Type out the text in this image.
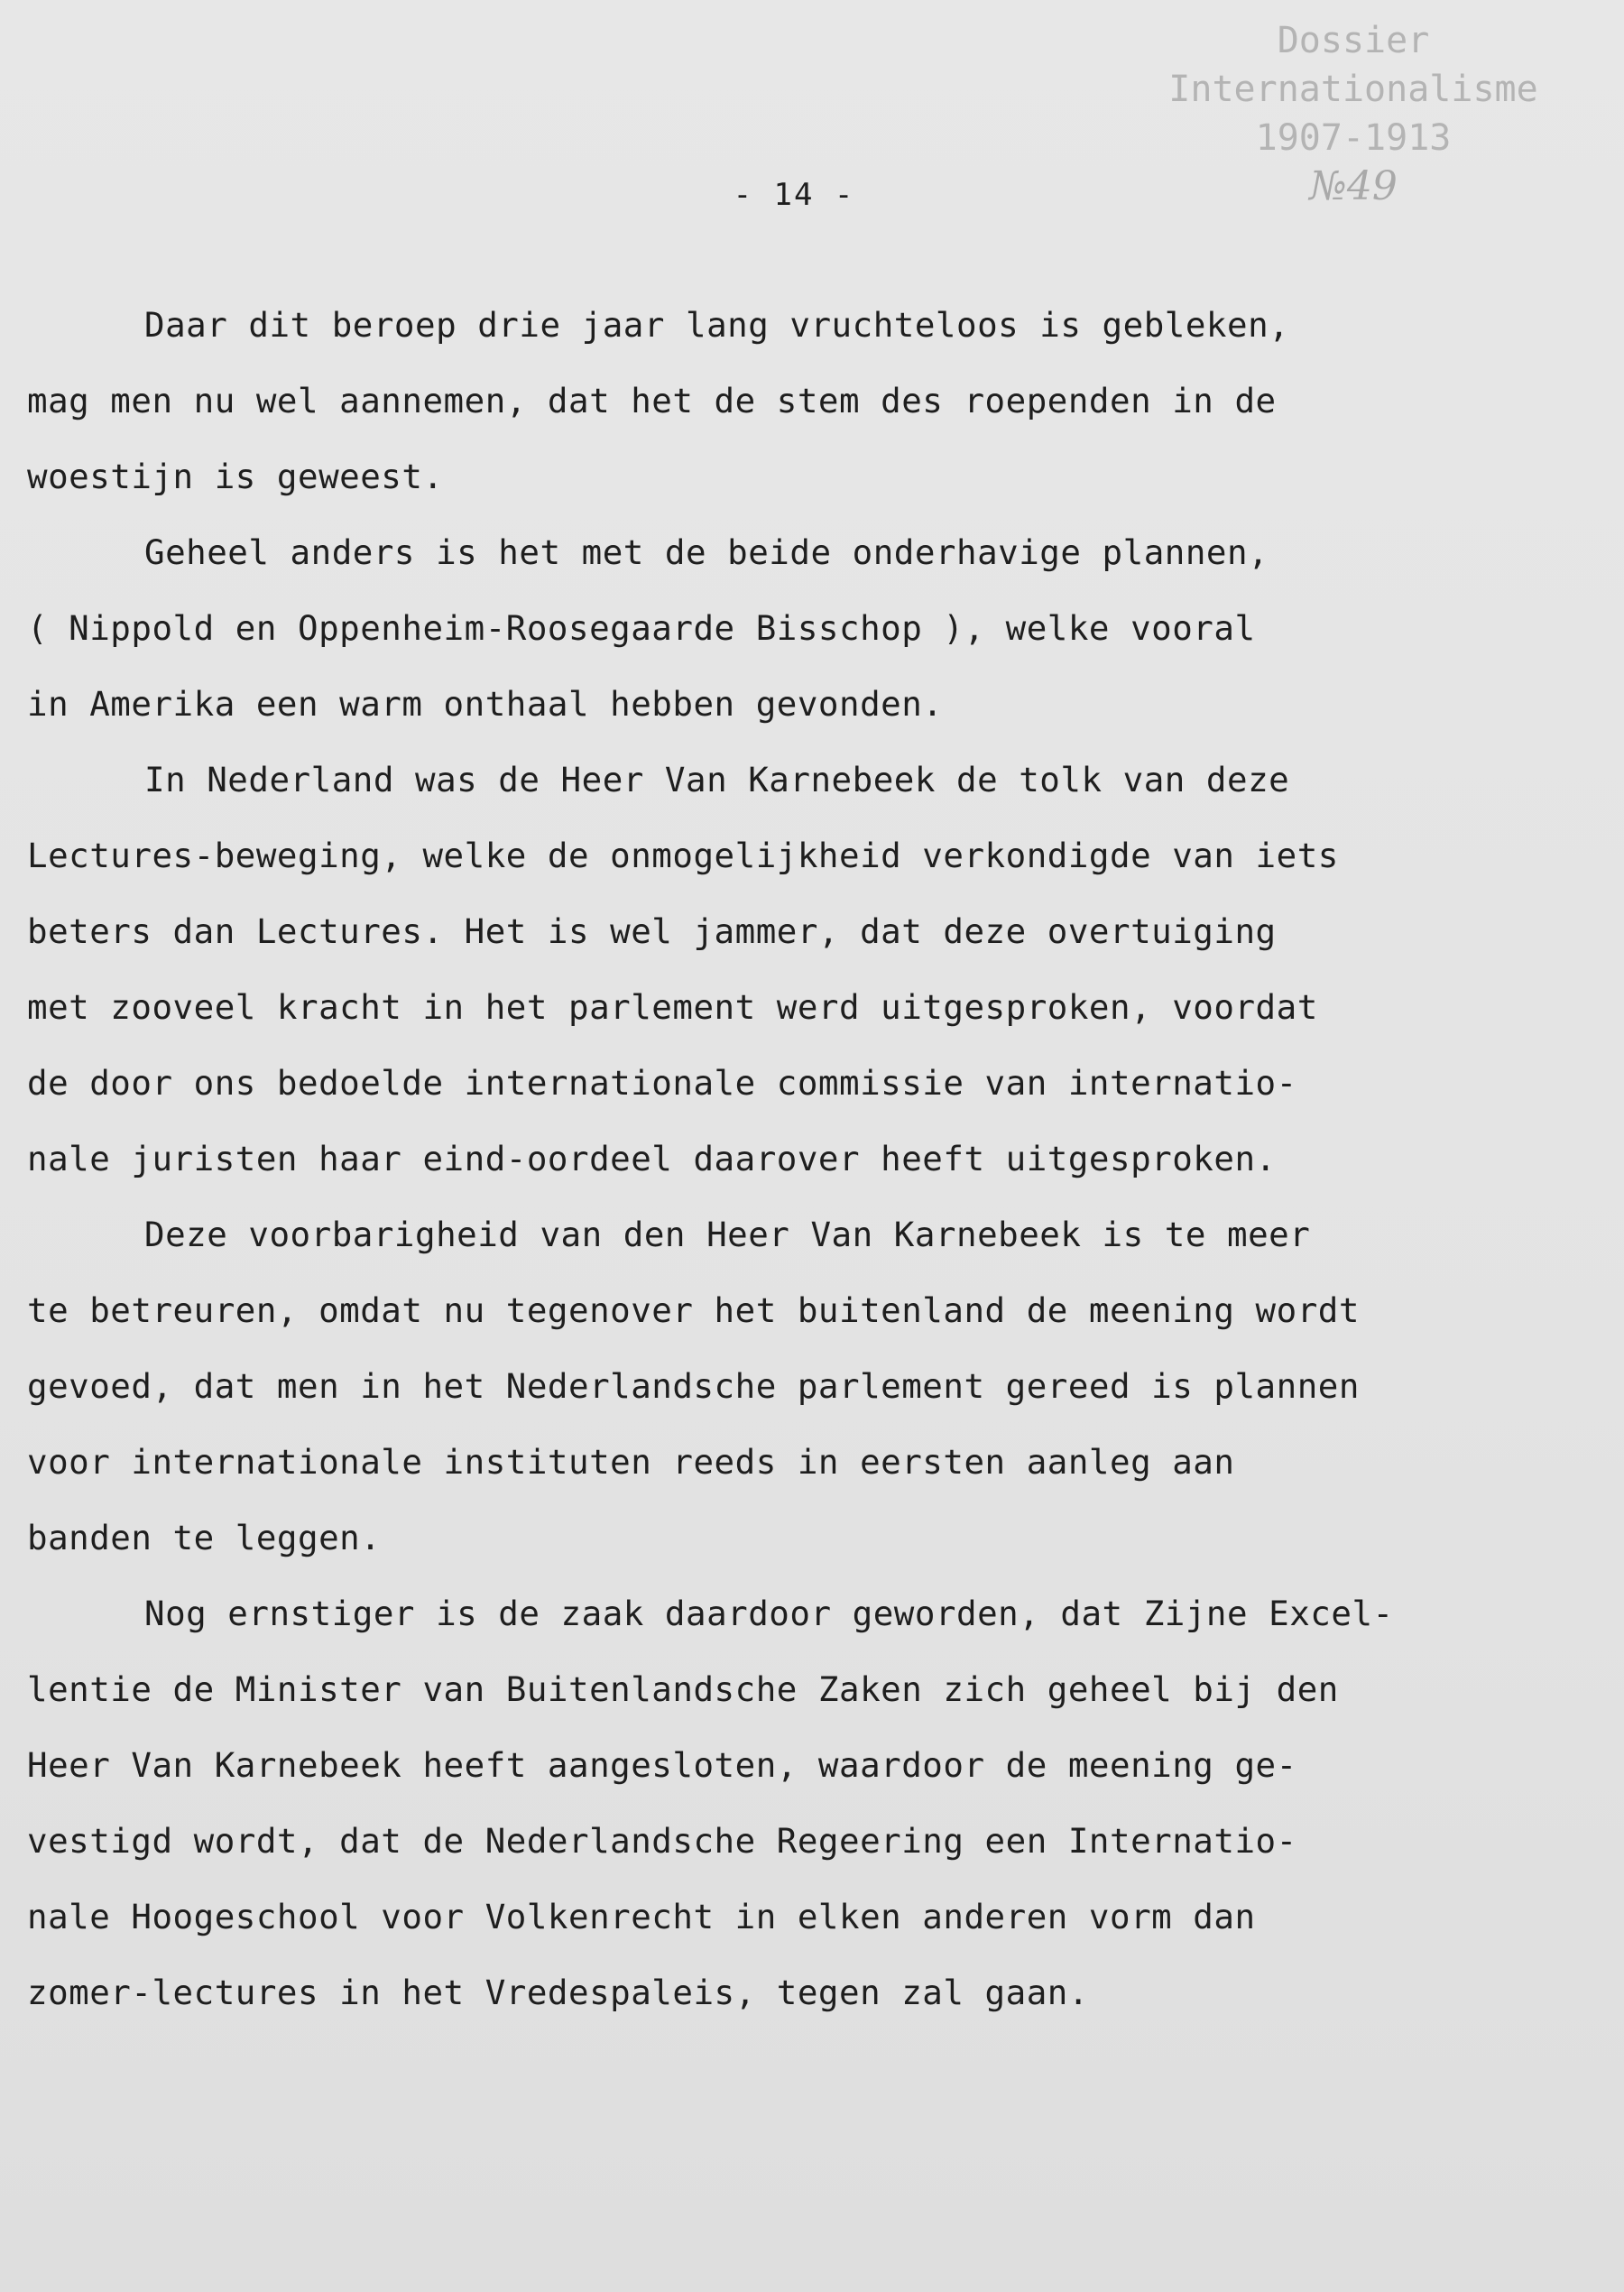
Dossier
Internationalisme
1907-1913
№49
- 14 -
Daar dit beroep drie jaar lang vruchteloos is gebleken,
mag men nu wel aannemen, dat het de stem des roependen in de
woestijn is geweest.
Geheel anders is het met de beide onderhavige plannen,
( Nippold en Oppenheim-Roosegaarde Bisschop ), welke vooral
in Amerika een warm onthaal hebben gevonden.
In Nederland was de Heer Van Karnebeek de tolk van deze
Lectures-beweging, welke de onmogelijkheid verkondigde van iets
beters dan Lectures. Het is wel jammer, dat deze overtuiging
met zooveel kracht in het parlement werd uitgesproken, voordat
de door ons bedoelde internationale commissie van internatio-
nale juristen haar eind-oordeel daarover heeft uitgesproken.
Deze voorbarigheid van den Heer Van Karnebeek is te meer
te betreuren, omdat nu tegenover het buitenland de meening wordt
gevoed, dat men in het Nederlandsche parlement gereed is plannen
voor internationale instituten reeds in eersten aanleg aan
banden te leggen.
Nog ernstiger is de zaak daardoor geworden, dat Zijne Excel-
lentie de Minister van Buitenlandsche Zaken zich geheel bij den
Heer Van Karnebeek heeft aangesloten, waardoor de meening ge-
vestigd wordt, dat de Nederlandsche Regeering een Internatio-
nale Hoogeschool voor Volkenrecht in elken anderen vorm dan
zomer-lectures in het Vredespaleis, tegen zal gaan.
